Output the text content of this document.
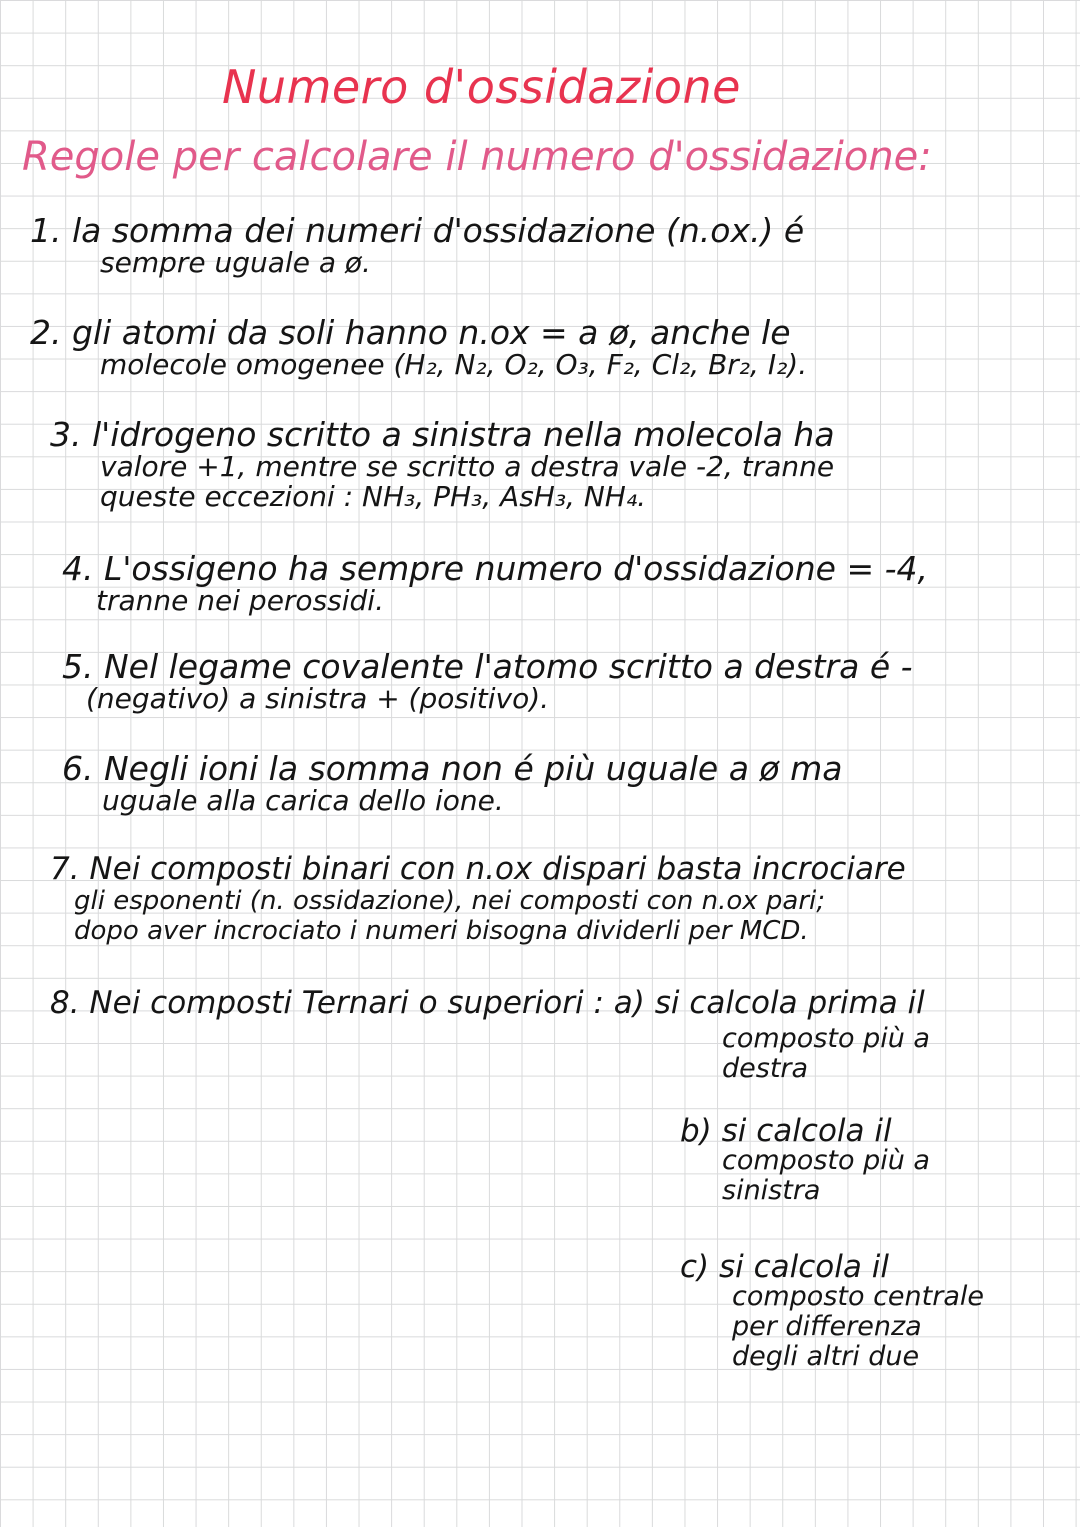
Numero d'ossidazione
Regole per calcolare il numero d'ossidazione:
1. la somma dei numeri d'ossidazione (n.ox.) é
sempre uguale a ø.
2. gli atomi da soli hanno n.ox = a ø, anche le
molecole omogenee (H₂, N₂, O₂, O₃, F₂, Cl₂, Br₂, I₂).
3. l'idrogeno scritto a sinistra nella molecola ha
valore +1, mentre se scritto a destra vale -2, tranne
queste eccezioni : NH₃, PH₃, AsH₃, NH₄.
4. L'ossigeno ha sempre numero d'ossidazione = -4,
tranne nei perossidi.
5. Nel legame covalente l'atomo scritto a destra é -
(negativo) a sinistra + (positivo).
6. Negli ioni la somma non é più uguale a ø ma
uguale alla carica dello ione.
7. Nei composti binari con n.ox dispari basta incrociare
gli esponenti (n. ossidazione), nei composti con n.ox pari;
dopo aver incrociato i numeri bisogna dividerli per MCD.
8. Nei composti Ternari o superiori : a) si calcola prima il
composto più a
destra
b) si calcola il
composto più a
sinistra
c) si calcola il
composto centrale
per differenza
degli altri due
